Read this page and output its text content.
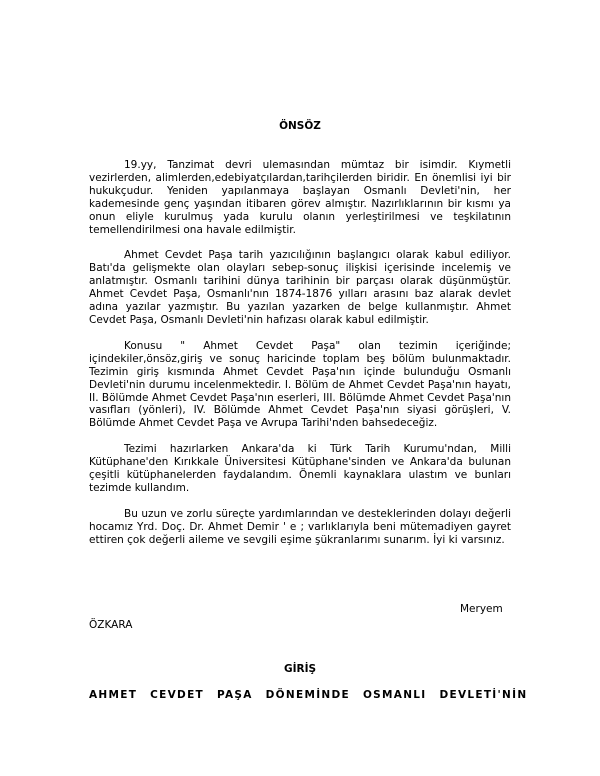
ÖNSÖZ

19.yy, Tanzimat devri ulemasından mümtaz bir isimdir. Kıymetli vezirlerden, alimlerden,edebiyatçılardan,tarihçilerden biridir. En önemlisi iyi bir hukukçudur. Yeniden yapılanmaya başlayan Osmanlı Devleti'nin, her kademesinde genç yaşından itibaren görev almıştır. Nazırlıklarının bir kısmı ya onun eliyle kurulmuş yada kurulu olanın yerleştirilmesi ve teşkilatının temellendirilmesi ona havale edilmiştir.

Ahmet Cevdet Paşa tarih yazıcılığının başlangıcı olarak kabul ediliyor. Batı'da gelişmekte olan olayları sebep-sonuç ilişkisi içerisinde incelemiş ve anlatmıştır. Osmanlı tarihini dünya tarihinin bir parçası olarak düşünmüştür. Ahmet Cevdet Paşa, Osmanlı'nın 1874-1876 yılları arasını baz alarak devlet adına yazılar yazmıştır. Bu yazılan yazarken de belge kullanmıştır. Ahmet Cevdet Paşa, Osmanlı Devleti'nin hafızası olarak kabul edilmiştir.

Konusu " Ahmet Cevdet Paşa" olan tezimin içeriğinde; içindekiler,önsöz,giriş ve sonuç haricinde toplam beş bölüm bulunmaktadır. Tezimin giriş kısmında Ahmet Cevdet Paşa'nın içinde bulunduğu Osmanlı Devleti'nin durumu incelenmektedir. I. Bölüm de Ahmet Cevdet Paşa'nın hayatı, II. Bölümde Ahmet Cevdet Paşa'nın eserleri, III. Bölümde Ahmet Cevdet Paşa'nın vasıfları (yönleri), IV. Bölümde Ahmet Cevdet Paşa'nın siyasi görüşleri, V. Bölümde Ahmet Cevdet Paşa ve Avrupa Tarihi'nden bahsedeceğiz.

Tezimi hazırlarken Ankara'da ki Türk Tarih Kurumu'ndan, Milli Kütüphane'den Kırıkkale Üniversitesi Kütüphane'sinden ve Ankara'da bulunan çeşitli kütüphanelerden faydalandım. Önemli kaynaklara ulastım ve bunları tezimde kullandım.

Bu uzun ve zorlu süreçte yardımlarından ve desteklerinden dolayı değerli hocamız Yrd. Doç. Dr. Ahmet Demir ' e ; varlıklarıyla beni mütemadiyen gayret ettiren çok değerli aileme ve sevgili eşime şükranlarımı sunarım. İyi ki varsınız.

Meryem
ÖZKARA
GİRİŞ
AHMET CEVDET PAŞA DÖNEMİNDE OSMANLI DEVLETİ'NİN
